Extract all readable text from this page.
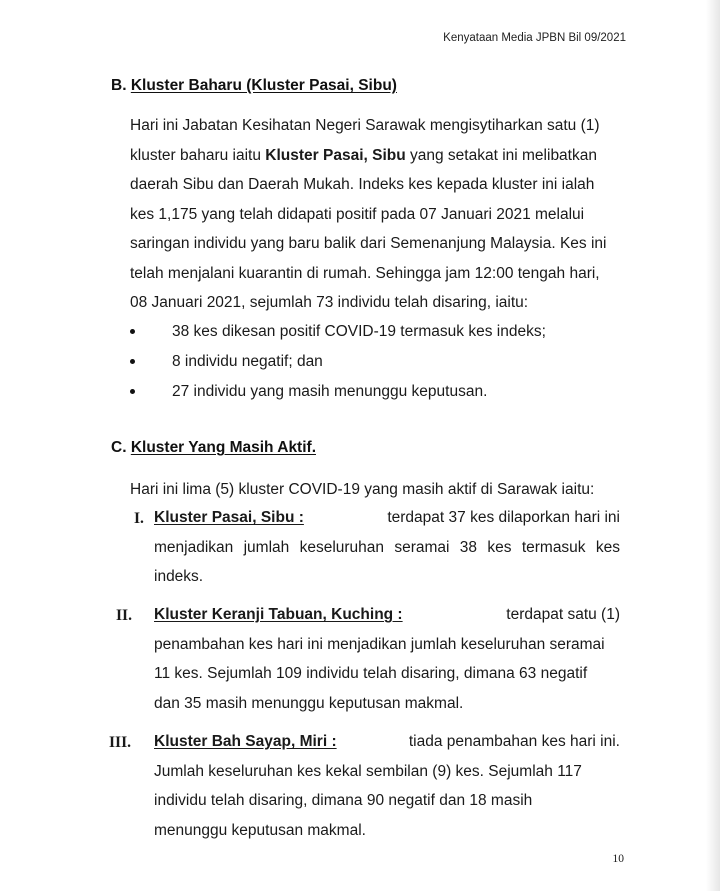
Kenyataan Media JPBN Bil 09/2021
B. Kluster Baharu (Kluster Pasai, Sibu)
Hari ini Jabatan Kesihatan Negeri Sarawak mengisytiharkan satu (1)
kluster baharu iaitu Kluster Pasai, Sibu yang setakat ini melibatkan
daerah Sibu dan Daerah Mukah. Indeks kes kepada kluster ini ialah
kes 1,175 yang telah didapati positif pada 07 Januari 2021 melalui
saringan individu yang baru balik dari Semenanjung Malaysia. Kes ini
telah menjalani kuarantin di rumah. Sehingga jam 12:00 tengah hari,
08 Januari 2021, sejumlah 73 individu telah disaring, iaitu:
38 kes dikesan positif COVID-19 termasuk kes indeks;
8 individu negatif; dan
27 individu yang masih menunggu keputusan.
C. Kluster Yang Masih Aktif.
Hari ini lima (5) kluster COVID-19 yang masih aktif di Sarawak iaitu:
I. Kluster Pasai, Sibu :	terdapat 37 kes dilaporkan hari ini
menjadikan jumlah keseluruhan seramai 38 kes termasuk kes
indeks.
II. Kluster Keranji Tabuan, Kuching :	terdapat satu (1)
penambahan kes hari ini menjadikan jumlah keseluruhan seramai
11 kes. Sejumlah 109 individu telah disaring, dimana 63 negatif
dan 35 masih menunggu keputusan makmal.
III. Kluster Bah Sayap, Miri :	tiada penambahan kes hari ini.
Jumlah keseluruhan kes kekal sembilan (9) kes. Sejumlah 117
individu telah disaring, dimana 90 negatif dan 18 masih
menunggu keputusan makmal.
10
